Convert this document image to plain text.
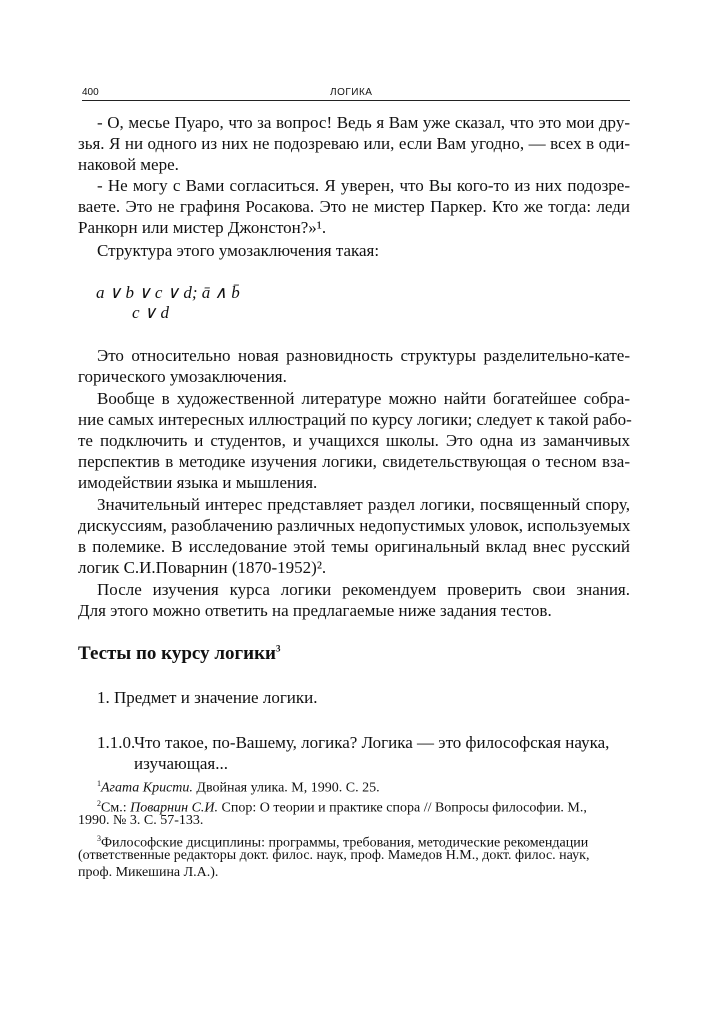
400	ЛОГИКА
- О, месье Пуаро, что за вопрос! Ведь я Вам уже сказал, что это мои дру-
зья. Я ни одного из них не подозреваю или, если Вам угодно, — всех в оди-
наковой мере.
- Не могу с Вами согласиться. Я уверен, что Вы кого-то из них подозре-
ваете. Это не графиня Росакова. Это не мистер Паркер. Кто же тогда: леди
Ранкорн или мистер Джонстон?»¹.
Структура этого умозаключения такая:
a ∨ b ∨ c ∨ d; ā ∧ b̄
c ∨ d
Это относительно новая разновидность структуры разделительно-кате-
горического умозаключения.
Вообще в художественной литературе можно найти богатейшее собра-
ние самых интересных иллюстраций по курсу логики; следует к такой рабо-
те подключить и студентов, и учащихся школы. Это одна из заманчивых
перспектив в методике изучения логики, свидетельствующая о тесном вза-
имодействии языка и мышления.
Значительный интерес представляет раздел логики, посвященный спору,
дискуссиям, разоблачению различных недопустимых уловок, используемых
в полемике. В исследование этой темы оригинальный вклад внес русский
логик С.И.Поварнин (1870-1952)².
После изучения курса логики рекомендуем проверить свои знания.
Для этого можно ответить на предлагаемые ниже задания тестов.
Тесты по курсу логики$^3$
1. Предмет и значение логики.
1.1.0.
Что такое, по-Вашему, логика? Логика — это философская наука,
изучающая...
$^1$Агата Кристи. Двойная улика. М, 1990. С. 25.
$^2$См.: Поварнин С.И. Спор: О теории и практике спора // Вопросы философии. М.,
1990. № 3. С. 57-133.
$^3$Философские дисциплины: программы, требования, методические рекомендации
(ответственные редакторы докт. филос. наук, проф. Мамедов Н.М., докт. филос. наук,
проф. Микешина Л.А.).
